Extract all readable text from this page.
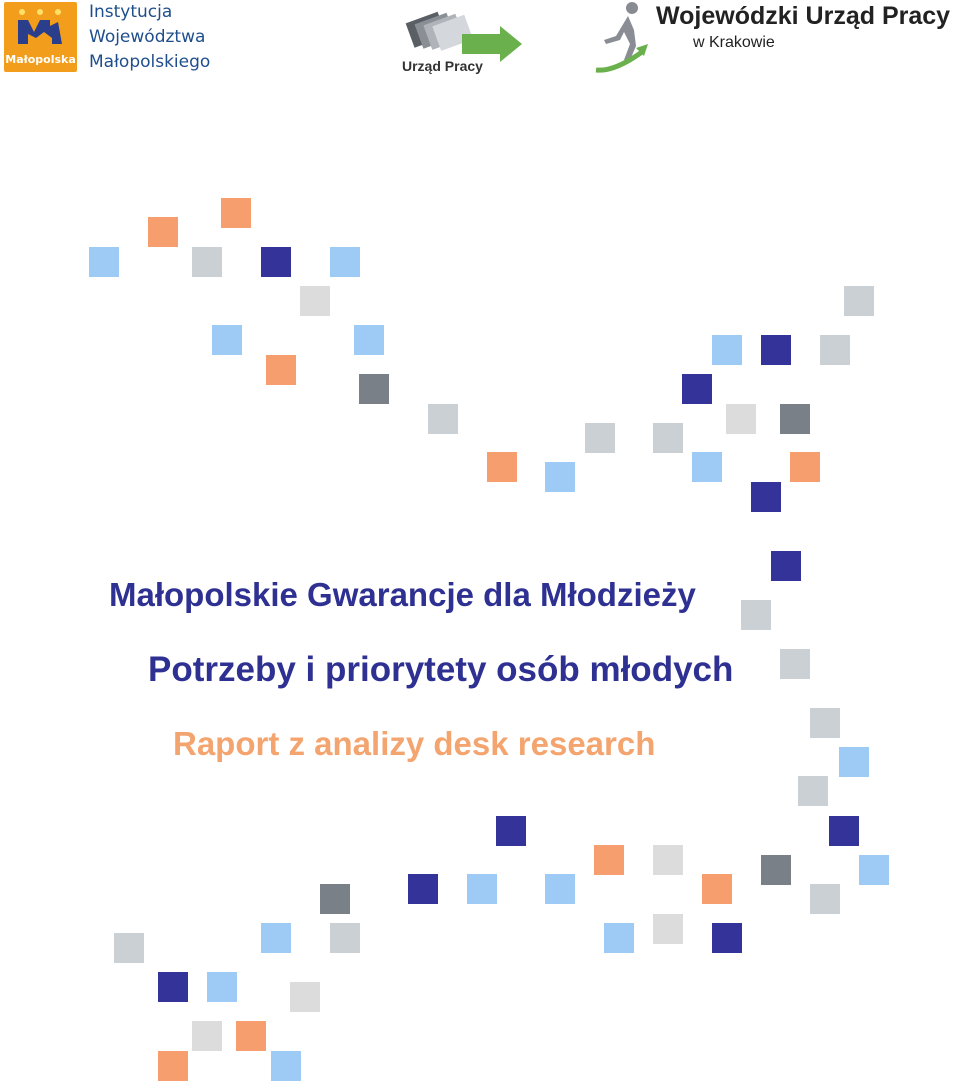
Małopolska
Instytucja
Województwa
Małopolskiego	Urząd Pracy
Wojewódzki Urząd Pracy
w Krakowie
Małopolskie Gwarancje dla Młodzieży
Potrzeby i priorytety osób młodych
Raport z analizy desk research
